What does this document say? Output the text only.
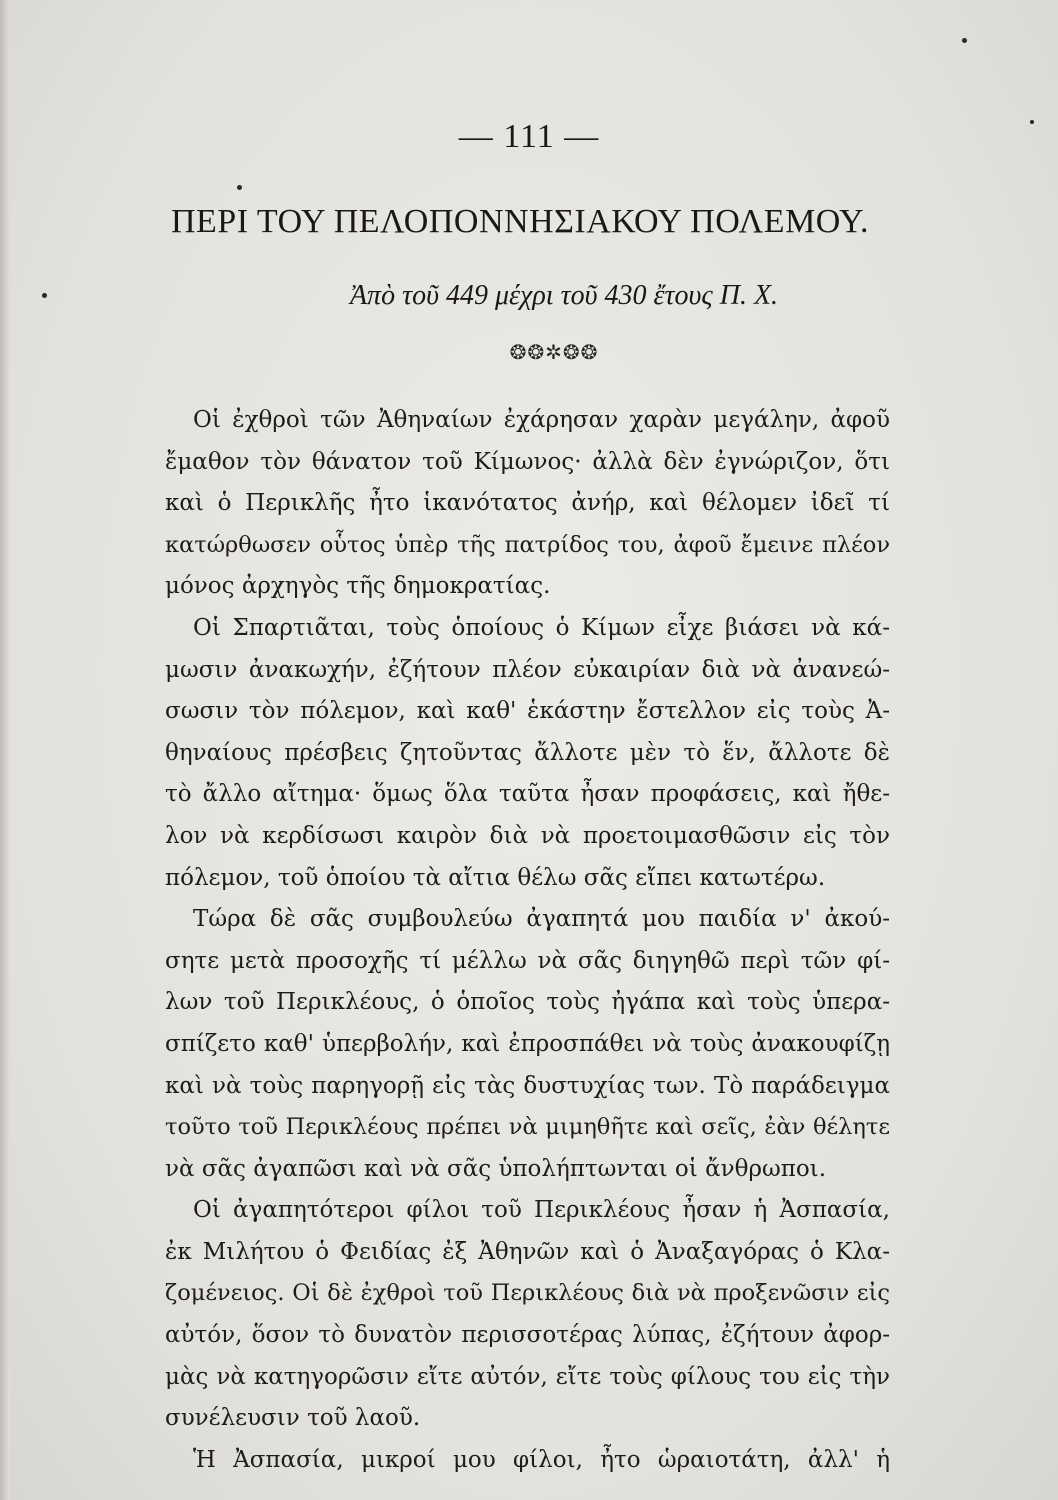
— 111 —
ΠΕΡΙ ΤΟΥ ΠΕΛΟΠΟΝΝΗΣΙΑΚΟΥ ΠΟΛΕΜΟΥ.
Ἀπὸ τοῦ 449 μέχρι τοῦ 430 ἔτους Π. Χ.
❂❂✲❂❂
Οἱ ἐχθροὶ τῶν Ἀθηναίων ἐχάρησαν χαρὰν μεγάλην, ἀφοῦ
ἔμαθον τὸν θάνατον τοῦ Κίμωνος· ἀλλὰ δὲν ἐγνώριζον, ὅτι
καὶ ὁ Περικλῆς ἦτο ἱκανότατος ἀνήρ, καὶ θέλομεν ἰδεῖ τί
κατώρθωσεν οὗτος ὑπὲρ τῆς πατρίδος του, ἀφοῦ ἔμεινε πλέον
μόνος ἀρχηγὸς τῆς δημοκρατίας.
Οἱ Σπαρτιᾶται, τοὺς ὁποίους ὁ Κίμων εἶχε βιάσει νὰ κά-
μωσιν ἀνακωχήν, ἐζήτουν πλέον εὐκαιρίαν διὰ νὰ ἀνανεώ-
σωσιν τὸν πόλεμον, καὶ καθ' ἑκάστην ἔστελλον εἰς τοὺς Ἀ-
θηναίους πρέσβεις ζητοῦντας ἄλλοτε μὲν τὸ ἕν, ἄλλοτε δὲ
τὸ ἄλλο αἴτημα· ὅμως ὅλα ταῦτα ἦσαν προφάσεις, καὶ ἤθε-
λον νὰ κερδίσωσι καιρὸν διὰ νὰ προετοιμασθῶσιν εἰς τὸν
πόλεμον, τοῦ ὁποίου τὰ αἴτια θέλω σᾶς εἴπει κατωτέρω.
Τώρα δὲ σᾶς συμβουλεύω ἀγαπητά μου παιδία ν' ἀκού-
σητε μετὰ προσοχῆς τί μέλλω νὰ σᾶς διηγηθῶ περὶ τῶν φί-
λων τοῦ Περικλέους, ὁ ὁποῖος τοὺς ἠγάπα καὶ τοὺς ὑπερα-
σπίζετο καθ' ὑπερβολήν, καὶ ἐπροσπάθει νὰ τοὺς ἀνακουφίζῃ
καὶ νὰ τοὺς παρηγορῇ εἰς τὰς δυστυχίας των. Τὸ παράδειγμα
τοῦτο τοῦ Περικλέους πρέπει νὰ μιμηθῆτε καὶ σεῖς, ἐὰν θέλητε
νὰ σᾶς ἀγαπῶσι καὶ νὰ σᾶς ὑπολήπτωνται οἱ ἄνθρωποι.
Οἱ ἀγαπητότεροι φίλοι τοῦ Περικλέους ἦσαν ἡ Ἀσπασία,
ἐκ Μιλήτου ὁ Φειδίας ἐξ Ἀθηνῶν καὶ ὁ Ἀναξαγόρας ὁ Κλα-
ζομένειος. Οἱ δὲ ἐχθροὶ τοῦ Περικλέους διὰ νὰ προξενῶσιν εἰς
αὐτόν, ὅσον τὸ δυνατὸν περισσοτέρας λύπας, ἐζήτουν ἀφορ-
μὰς νὰ κατηγορῶσιν εἴτε αὐτόν, εἴτε τοὺς φίλους του εἰς τὴν
συνέλευσιν τοῦ λαοῦ.
Ἡ Ἀσπασία, μικροί μου φίλοι, ἦτο ὡραιοτάτη, ἀλλ' ἡ
